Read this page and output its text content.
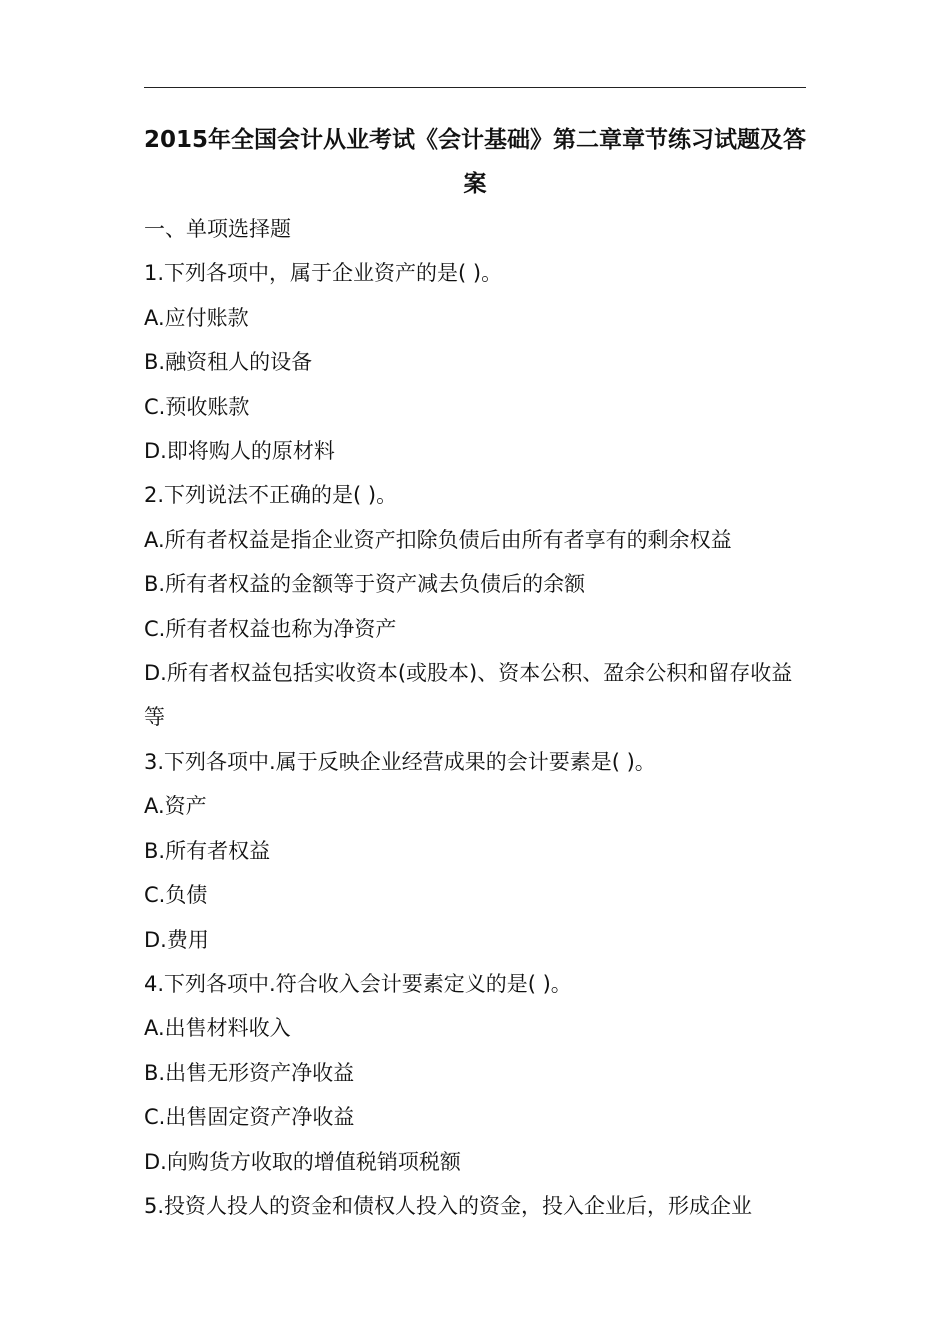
2015年全国会计从业考试《会计基础》第二章章节练习试题及答案
一、单项选择题
1.下列各项中，属于企业资产的是( )。
A.应付账款
B.融资租人的设备
C.预收账款
D.即将购人的原材料
2.下列说法不正确的是( )。
A.所有者权益是指企业资产扣除负债后由所有者享有的剩余权益
B.所有者权益的金额等于资产减去负债后的余额
C.所有者权益也称为净资产
D.所有者权益包括实收资本(或股本)、资本公积、盈余公积和留存收益等
3.下列各项中.属于反映企业经营成果的会计要素是( )。
A.资产
B.所有者权益
C.负债
D.费用
4.下列各项中.符合收入会计要素定义的是( )。
A.出售材料收入
B.出售无形资产净收益
C.出售固定资产净收益
D.向购货方收取的增值税销项税额
5.投资人投人的资金和债权人投入的资金，投入企业后，形成企业
